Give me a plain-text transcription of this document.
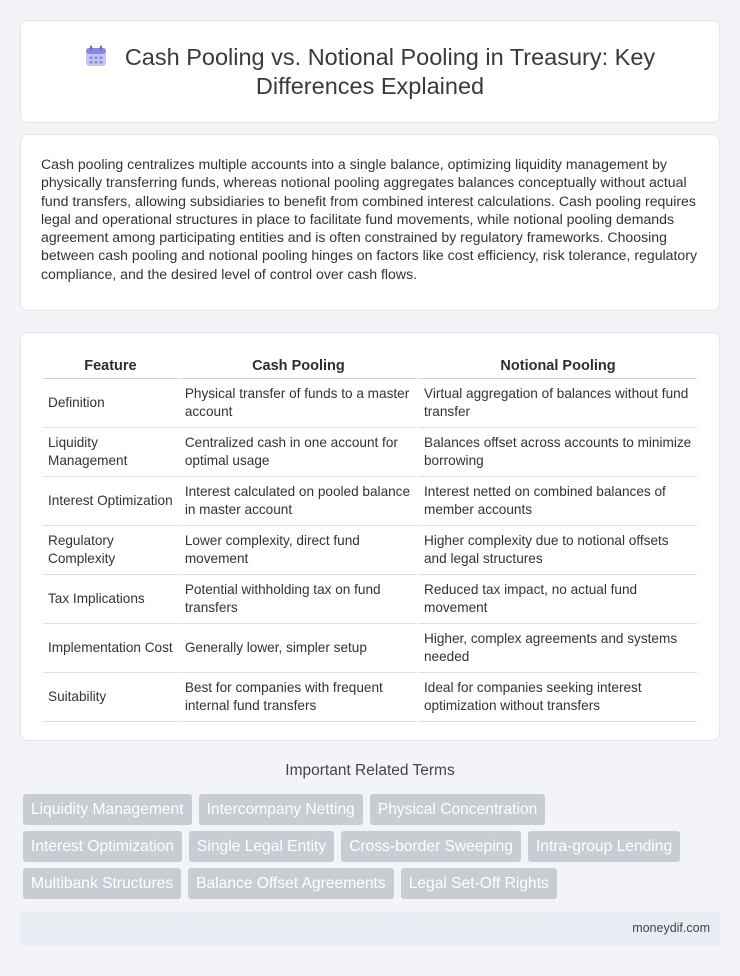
Cash Pooling vs. Notional Pooling in Treasury: Key Differences Explained

Cash pooling centralizes multiple accounts into a single balance, optimizing liquidity management by physically transferring funds, whereas notional pooling aggregates balances conceptually without actual fund transfers, allowing subsidiaries to benefit from combined interest calculations. Cash pooling requires legal and operational structures in place to facilitate fund movements, while notional pooling demands agreement among participating entities and is often constrained by regulatory frameworks. Choosing between cash pooling and notional pooling hinges on factors like cost efficiency, risk tolerance, regulatory compliance, and the desired level of control over cash flows.

Feature	Cash Pooling	Notional Pooling
Definition	Physical transfer of funds to a master account	Virtual aggregation of balances without fund transfer
Liquidity Management	Centralized cash in one account for optimal usage	Balances offset across accounts to minimize borrowing
Interest Optimization	Interest calculated on pooled balance in master account	Interest netted on combined balances of member accounts
Regulatory Complexity	Lower complexity, direct fund movement	Higher complexity due to notional offsets and legal structures
Tax Implications	Potential withholding tax on fund transfers	Reduced tax impact, no actual fund movement
Implementation Cost	Generally lower, simpler setup	Higher, complex agreements and systems needed
Suitability	Best for companies with frequent internal fund transfers	Ideal for companies seeking interest optimization without transfers
Important Related Terms
Liquidity Management	Intercompany Netting	Physical Concentration
Interest Optimization	Single Legal Entity	Cross-border Sweeping	Intra-group Lending
Multibank Structures	Balance Offset Agreements	Legal Set-Off Rights
moneydif.com
